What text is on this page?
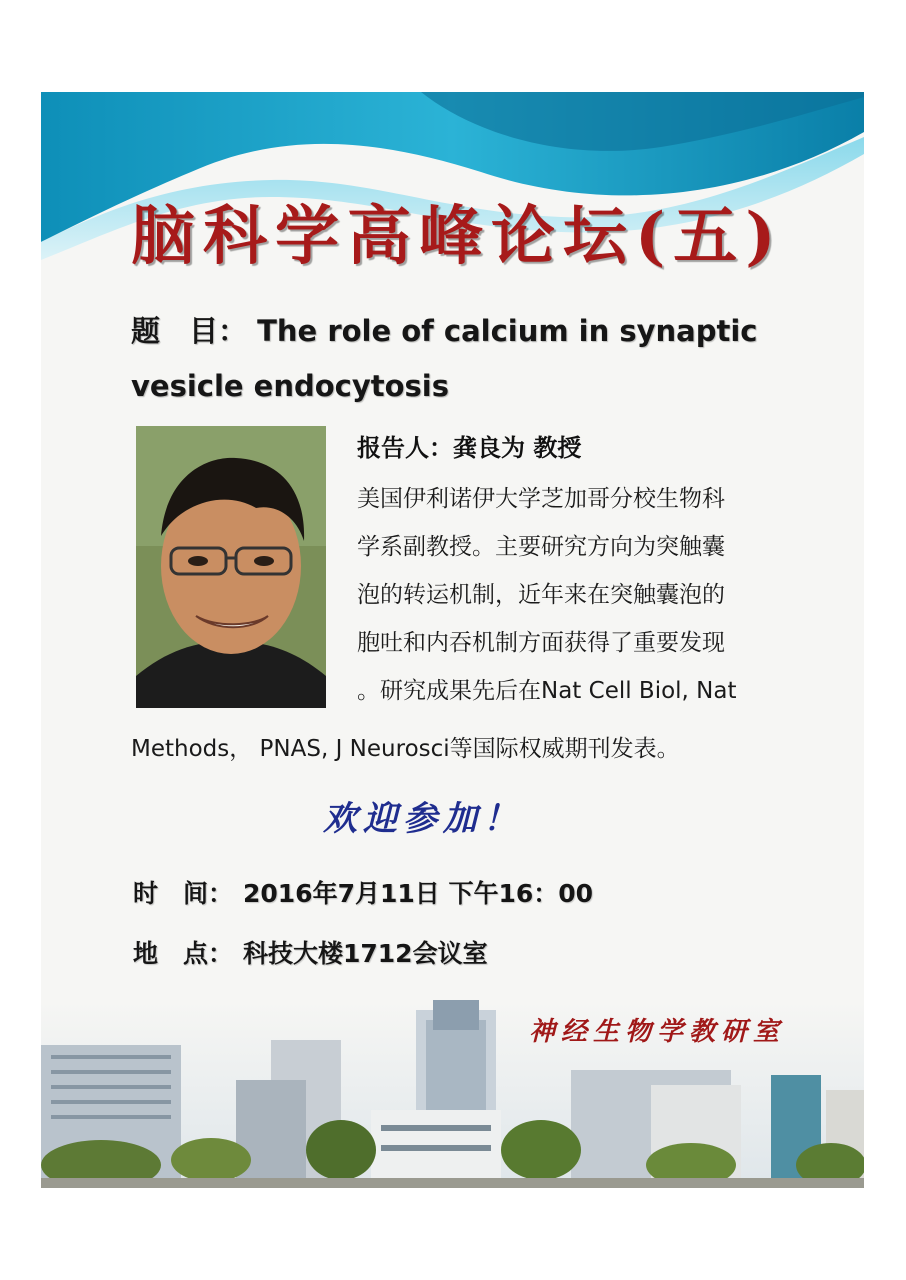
脑科学高峰论坛(五)
题　目： The role of calcium in synaptic
vesicle endocytosis
报告人：龚良为 教授
美国伊利诺伊大学芝加哥分校生物科
学系副教授。主要研究方向为突触囊
泡的转运机制，近年来在突触囊泡的
胞吐和内吞机制方面获得了重要发现
。研究成果先后在Nat Cell Biol, Nat
Methods， PNAS, J Neurosci等国际权威期刊发表。
欢迎参加！
时　间： 2016年7月11日 下午16：00
地　点： 科技大楼1712会议室
神经生物学教研室
